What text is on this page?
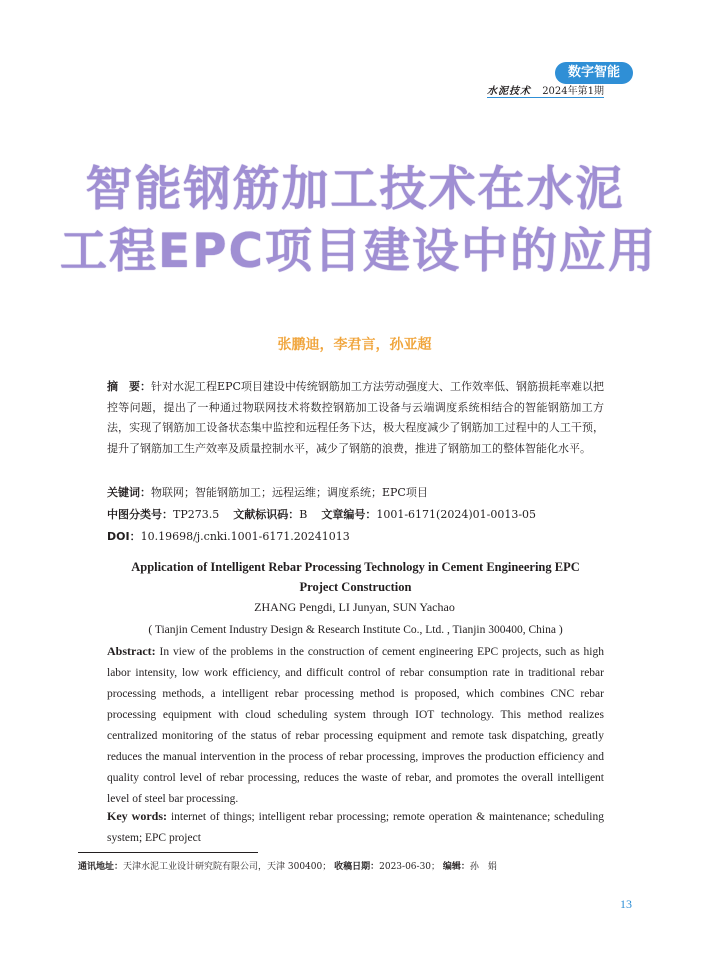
数字智能
水泥技术 2024年第1期
智能钢筋加工技术在水泥
工程EPC项目建设中的应用
张鹏迪，李君言，孙亚超
摘　要：针对水泥工程EPC项目建设中传统钢筋加工方法劳动强度大、工作效率低、钢筋损耗率难以把控等问题，提出了一种通过物联网技术将数控钢筋加工设备与云端调度系统相结合的智能钢筋加工方法，实现了钢筋加工设备状态集中监控和远程任务下达，极大程度减少了钢筋加工过程中的人工干预，提升了钢筋加工生产效率及质量控制水平，减少了钢筋的浪费，推进了钢筋加工的整体智能化水平。
关键词：物联网；智能钢筋加工；远程运维；调度系统；EPC项目
中图分类号：TP273.5 文献标识码：B 文章编号：1001-6171(2024)01-0013-05
DOI：10.19698/j.cnki.1001-6171.20241013
Application of Intelligent Rebar Processing Technology in Cement Engineering EPC
Project Construction
ZHANG Pengdi, LI Junyan, SUN Yachao
( Tianjin Cement Industry Design & Research Institute Co., Ltd. , Tianjin 300400, China )
Abstract: In view of the problems in the construction of cement engineering EPC projects, such as high labor intensity, low work efficiency, and difficult control of rebar consumption rate in traditional rebar processing methods, a intelligent rebar processing method is proposed, which combines CNC rebar processing equipment with cloud scheduling system through IOT technology. This method realizes centralized monitoring of the status of rebar processing equipment and remote task dispatching, greatly reduces the manual intervention in the process of rebar processing, improves the production efficiency and quality control level of rebar processing, reduces the waste of rebar, and promotes the overall intelligent level of steel bar processing.
Key words: internet of things; intelligent rebar processing; remote operation & maintenance; scheduling system; EPC project
通讯地址：天津水泥工业设计研究院有限公司，天津 300400； 收稿日期：2023-06-30； 编辑：孙　娟
13
